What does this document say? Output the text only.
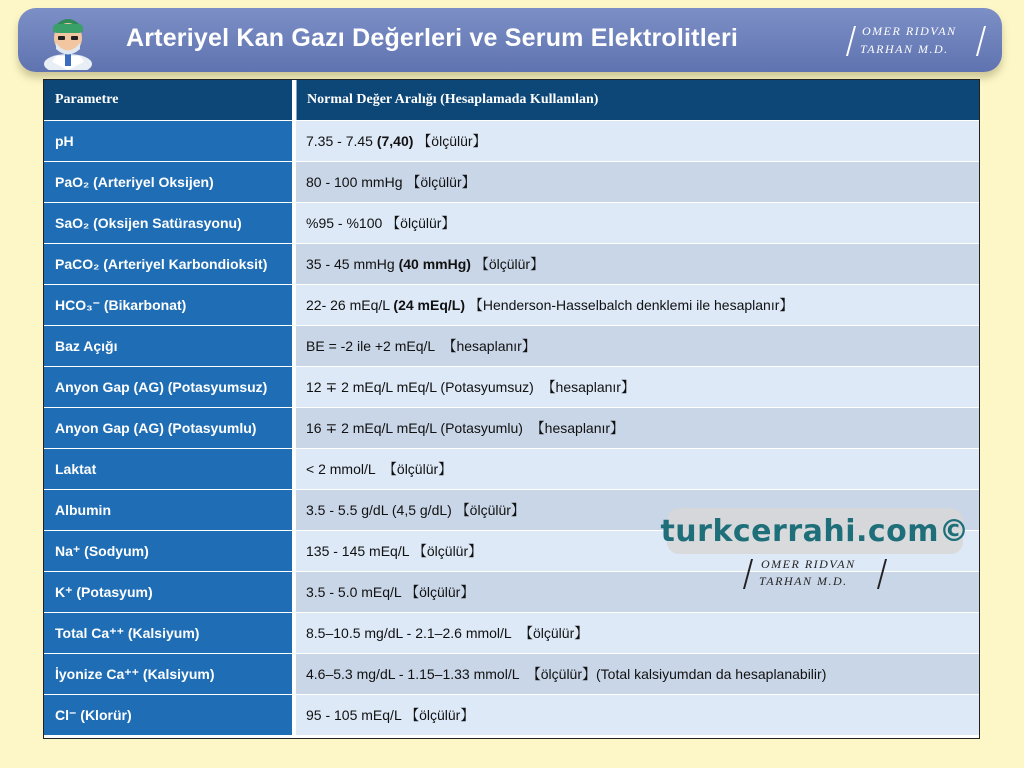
Arteriyel Kan Gazı Değerleri ve Serum Elektrolitleri	OMER RIDVAN
TARHAN M.D.
Parametre	Normal Değer Aralığı (Hesaplamada Kullanılan)
pH	7.35 - 7.45 (7,40) 【ölçülür】
PaO₂ (Arteriyel Oksijen)	80 - 100 mmHg 【ölçülür】
SaO₂ (Oksijen Satürasyonu)	%95 - %100 【ölçülür】
PaCO₂ (Arteriyel Karbondioksit)	35 - 45 mmHg (40 mmHg) 【ölçülür】
HCO₃⁻ (Bikarbonat)	22- 26 mEq/L (24 mEq/L) 【Henderson-Hasselbalch denklemi ile hesaplanır】
Baz Açığı	BE = -2 ile +2 mEq/L 【hesaplanır】
Anyon Gap (AG) (Potasyumsuz)	12 ∓ 2 mEq/L mEq/L (Potasyumsuz) 【hesaplanır】
Anyon Gap (AG) (Potasyumlu)	16 ∓ 2 mEq/L mEq/L (Potasyumlu) 【hesaplanır】
Laktat	< 2 mmol/L 【ölçülür】
Albumin	3.5 - 5.5 g/dL (4,5 g/dL) 【ölçülür】
Na⁺ (Sodyum)	135 - 145 mEq/L 【ölçülür】
K⁺ (Potasyum)	3.5 - 5.0 mEq/L 【ölçülür】
Total Ca⁺⁺ (Kalsiyum)	8.5–10.5 mg/dL - 2.1–2.6 mmol/L 【ölçülür】
İyonize Ca⁺⁺ (Kalsiyum)	4.6–5.3 mg/dL - 1.15–1.33 mmol/L 【ölçülür】(Total kalsiyumdan da hesaplanabilir)
Cl⁻ (Klorür)	95 - 105 mEq/L 【ölçülür】
turkcerrahi.com©
OMER RIDVAN
TARHAN M.D.
